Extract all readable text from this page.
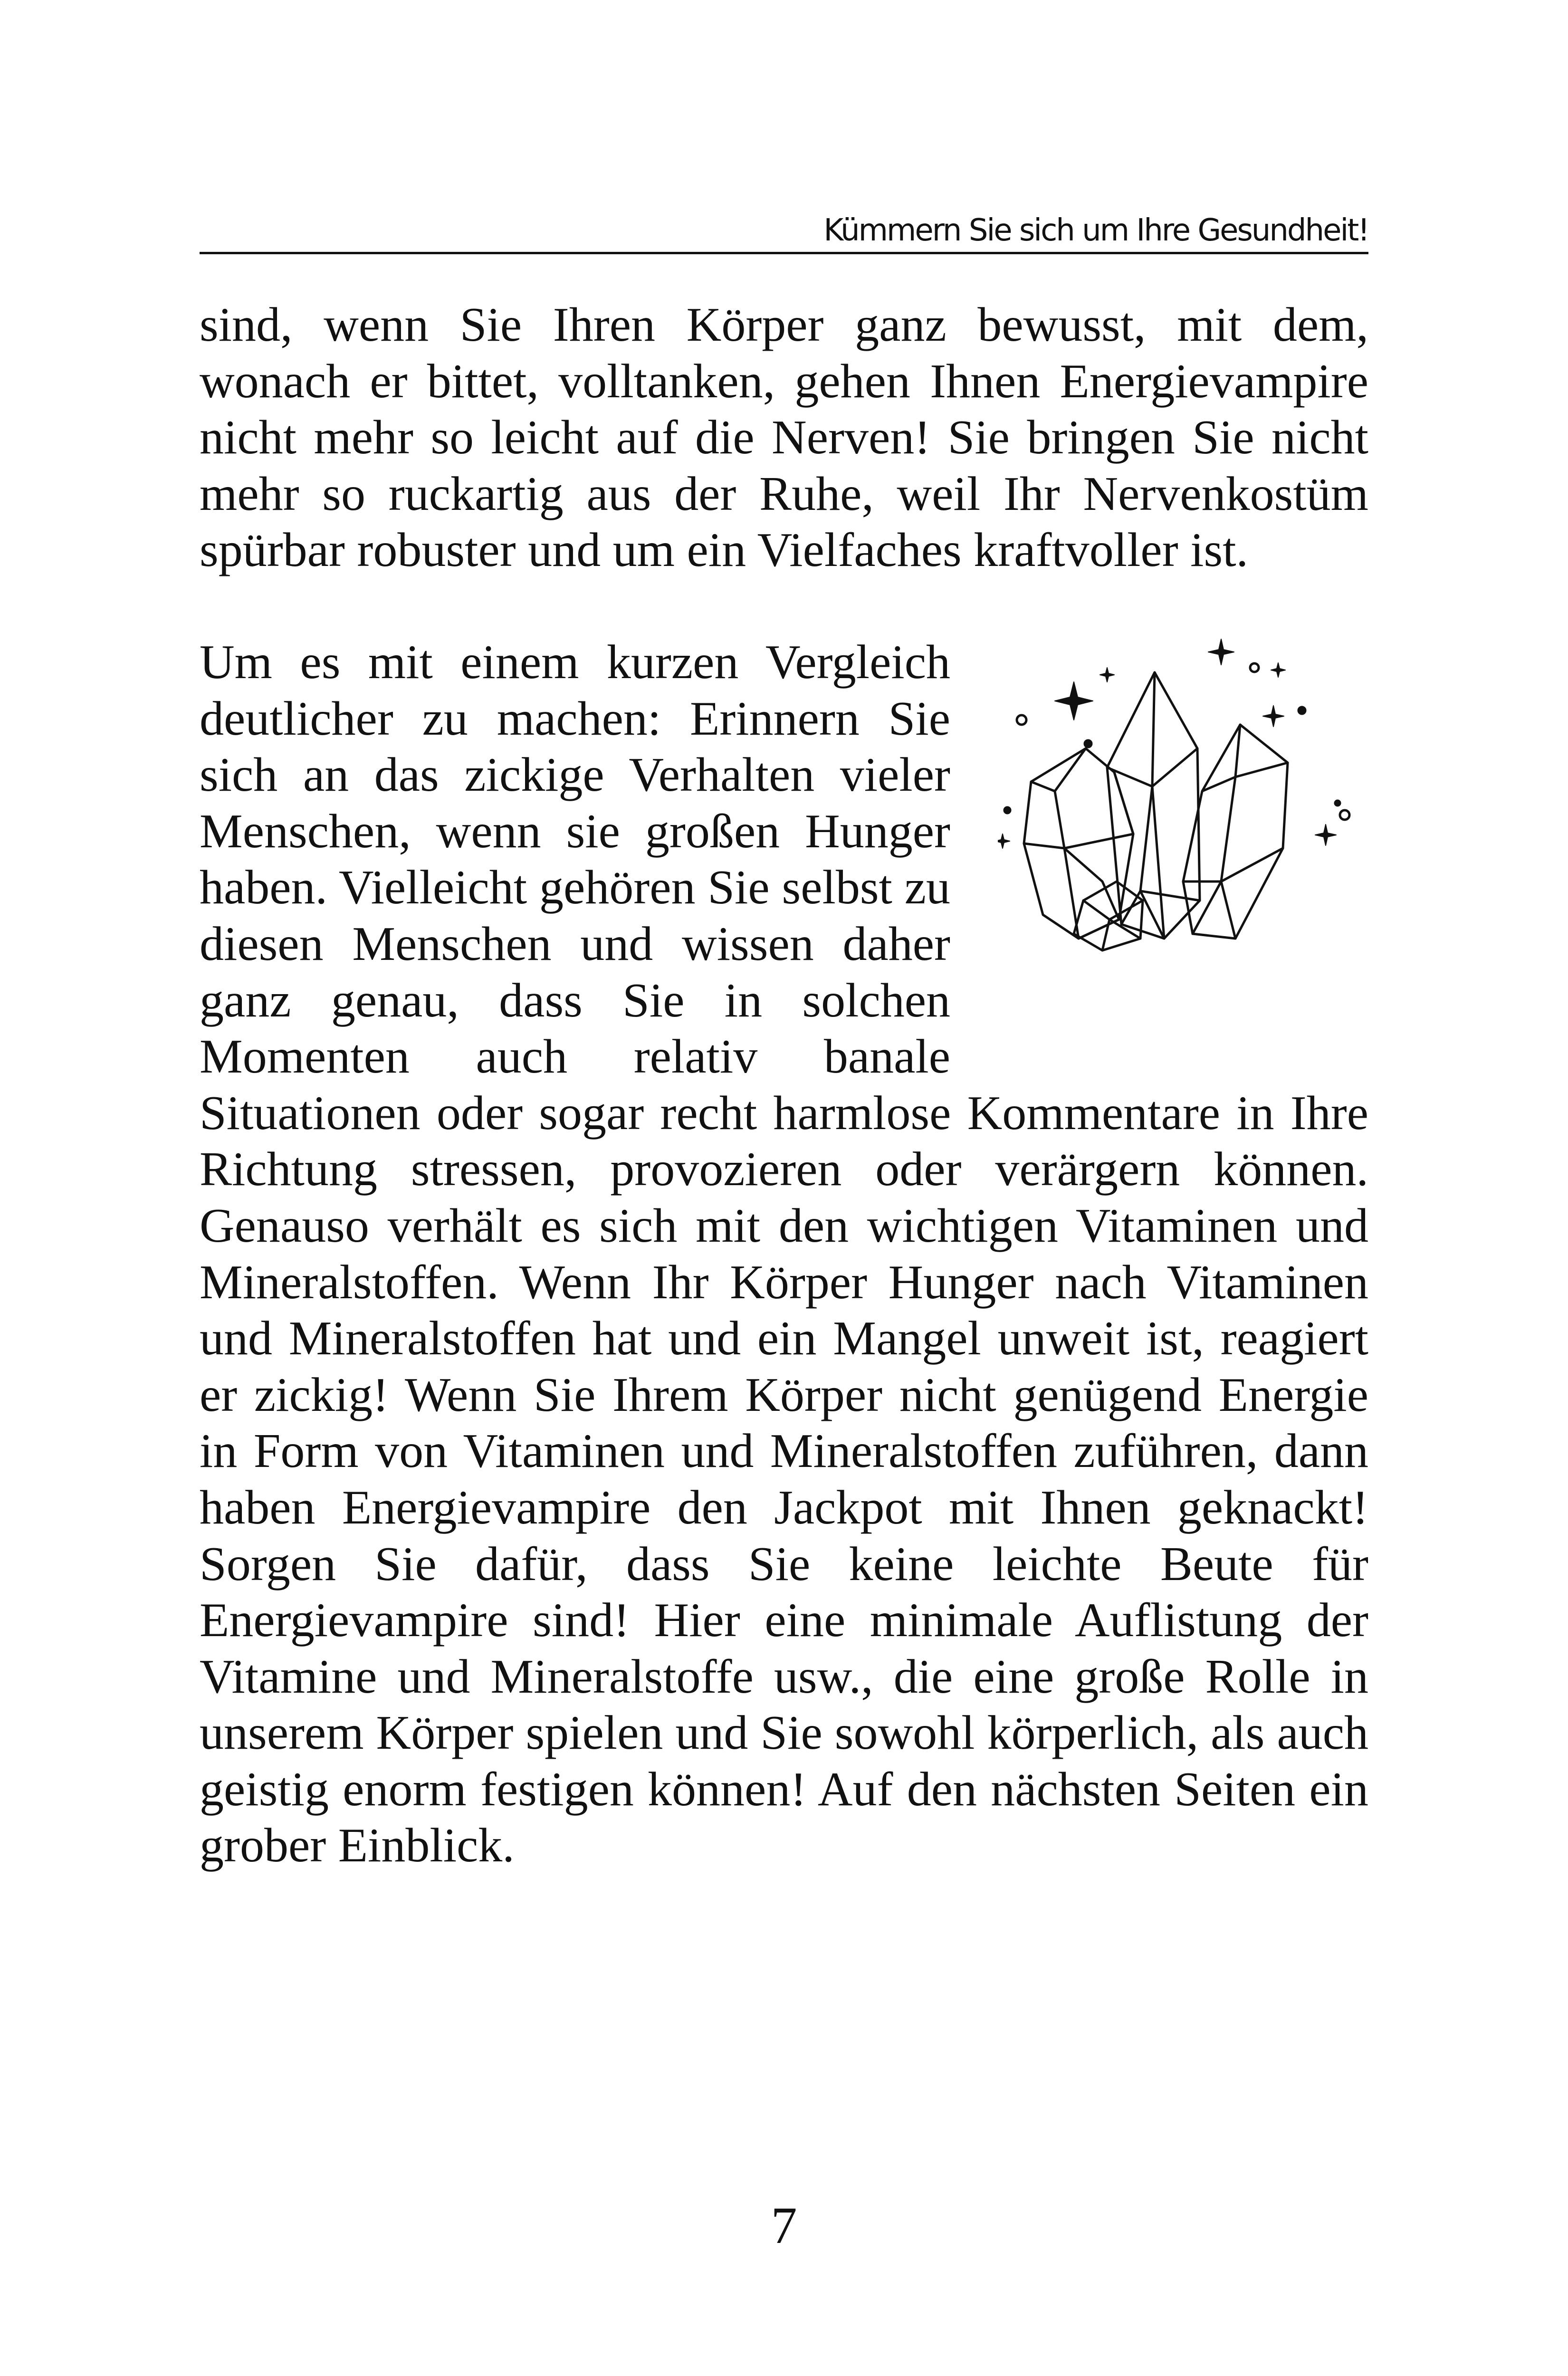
Kümmern Sie sich um Ihre Gesundheit!
sind, wenn Sie Ihren Körper ganz bewusst, mit dem, wonach er bittet, volltanken, gehen Ihnen Energievampire nicht mehr so leicht auf die Nerven! Sie bringen Sie nicht mehr so ruckartig aus der Ruhe, weil Ihr Nervenkostüm spürbar robuster und um ein Vielfaches kraftvoller ist.
Um es mit einem kurzen Vergleich deutlicher zu machen: Erinnern Sie sich an das zickige Verhalten vieler Menschen, wenn sie großen Hunger haben. Vielleicht gehören Sie selbst zu diesen Menschen und wissen daher ganz genau, dass Sie in solchen Momenten auch relativ banale Situationen oder sogar recht harmlose Kommentare in Ihre Richtung stressen, provozieren oder verärgern können. Genauso verhält es sich mit den wichtigen Vitaminen und Mineralstoffen. Wenn Ihr Körper Hunger nach Vitaminen und Mineralstoffen hat und ein Mangel unweit ist, reagiert er zickig! Wenn Sie Ihrem Körper nicht genügend Energie in Form von Vitaminen und Mineralstoffen zuführen, dann haben Energievampire den Jackpot mit Ihnen geknackt! Sorgen Sie dafür, dass Sie keine leichte Beute für Energievampire sind! Hier eine minimale Auflistung der Vitamine und Mineralstoffe usw., die eine große Rolle in unserem Körper spielen und Sie sowohl körperlich, als auch geistig enorm festigen können! Auf den nächsten Seiten ein grober Einblick.
7
